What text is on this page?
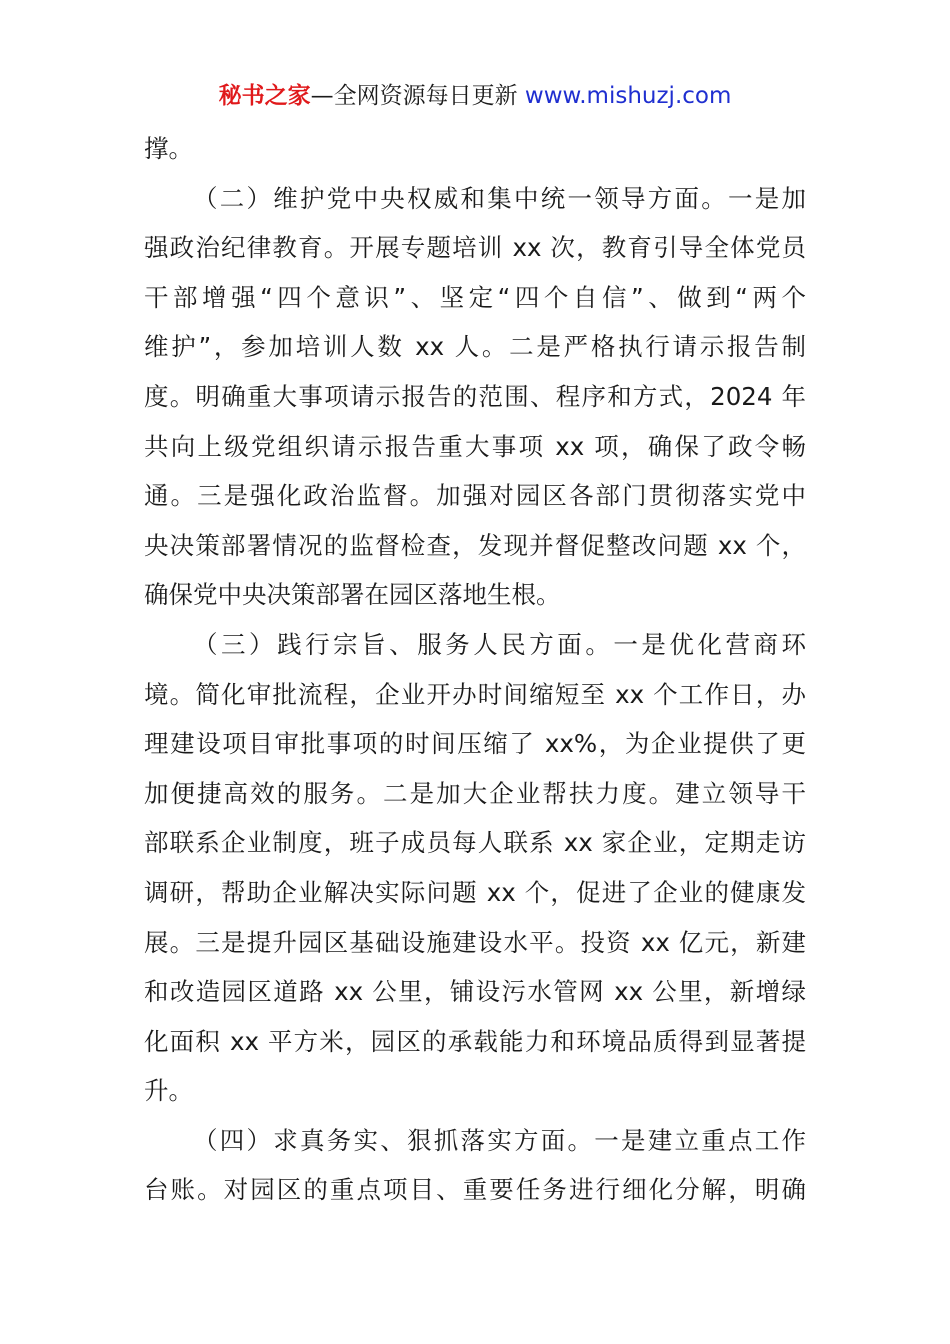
秘书之家—全网资源每日更新 www.mishuzj.com
撑。
（二）维护党中央权威和集中统一领导方面。一是加
强政治纪律教育。开展专题培训 xx 次，教育引导全体党员
干部增强“四个意识”、坚定“四个自信”、做到“两个
维护”，参加培训人数 xx 人。二是严格执行请示报告制
度。明确重大事项请示报告的范围、程序和方式，2024 年
共向上级党组织请示报告重大事项 xx 项，确保了政令畅
通。三是强化政治监督。加强对园区各部门贯彻落实党中
央决策部署情况的监督检查，发现并督促整改问题 xx 个，
确保党中央决策部署在园区落地生根。
（三）践行宗旨、服务人民方面。一是优化营商环
境。简化审批流程，企业开办时间缩短至 xx 个工作日，办
理建设项目审批事项的时间压缩了 xx%，为企业提供了更
加便捷高效的服务。二是加大企业帮扶力度。建立领导干
部联系企业制度，班子成员每人联系 xx 家企业，定期走访
调研，帮助企业解决实际问题 xx 个，促进了企业的健康发
展。三是提升园区基础设施建设水平。投资 xx 亿元，新建
和改造园区道路 xx 公里，铺设污水管网 xx 公里，新增绿
化面积 xx 平方米，园区的承载能力和环境品质得到显著提
升。
（四）求真务实、狠抓落实方面。一是建立重点工作
台账。对园区的重点项目、重要任务进行细化分解，明确
